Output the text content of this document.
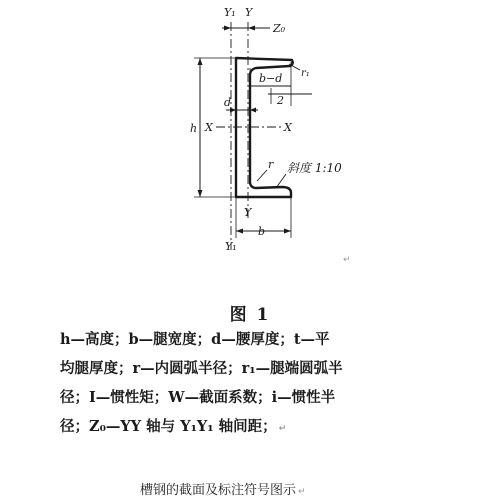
Y₁ Y
Z₀
r₁
b−d
2
d
h X	X
r 斜度 1:10
Y
b
Y₁
↵
图 1
h—高度；b—腿宽度；d—腰厚度；t—平
均腿厚度；r—内圆弧半径；r₁—腿端圆弧半
径；I—惯性矩；W—截面系数；i—惯性半
径；Z₀—YY 轴与 Y₁Y₁ 轴间距； ↵
槽钢的截面及标注符号图示 ↵
